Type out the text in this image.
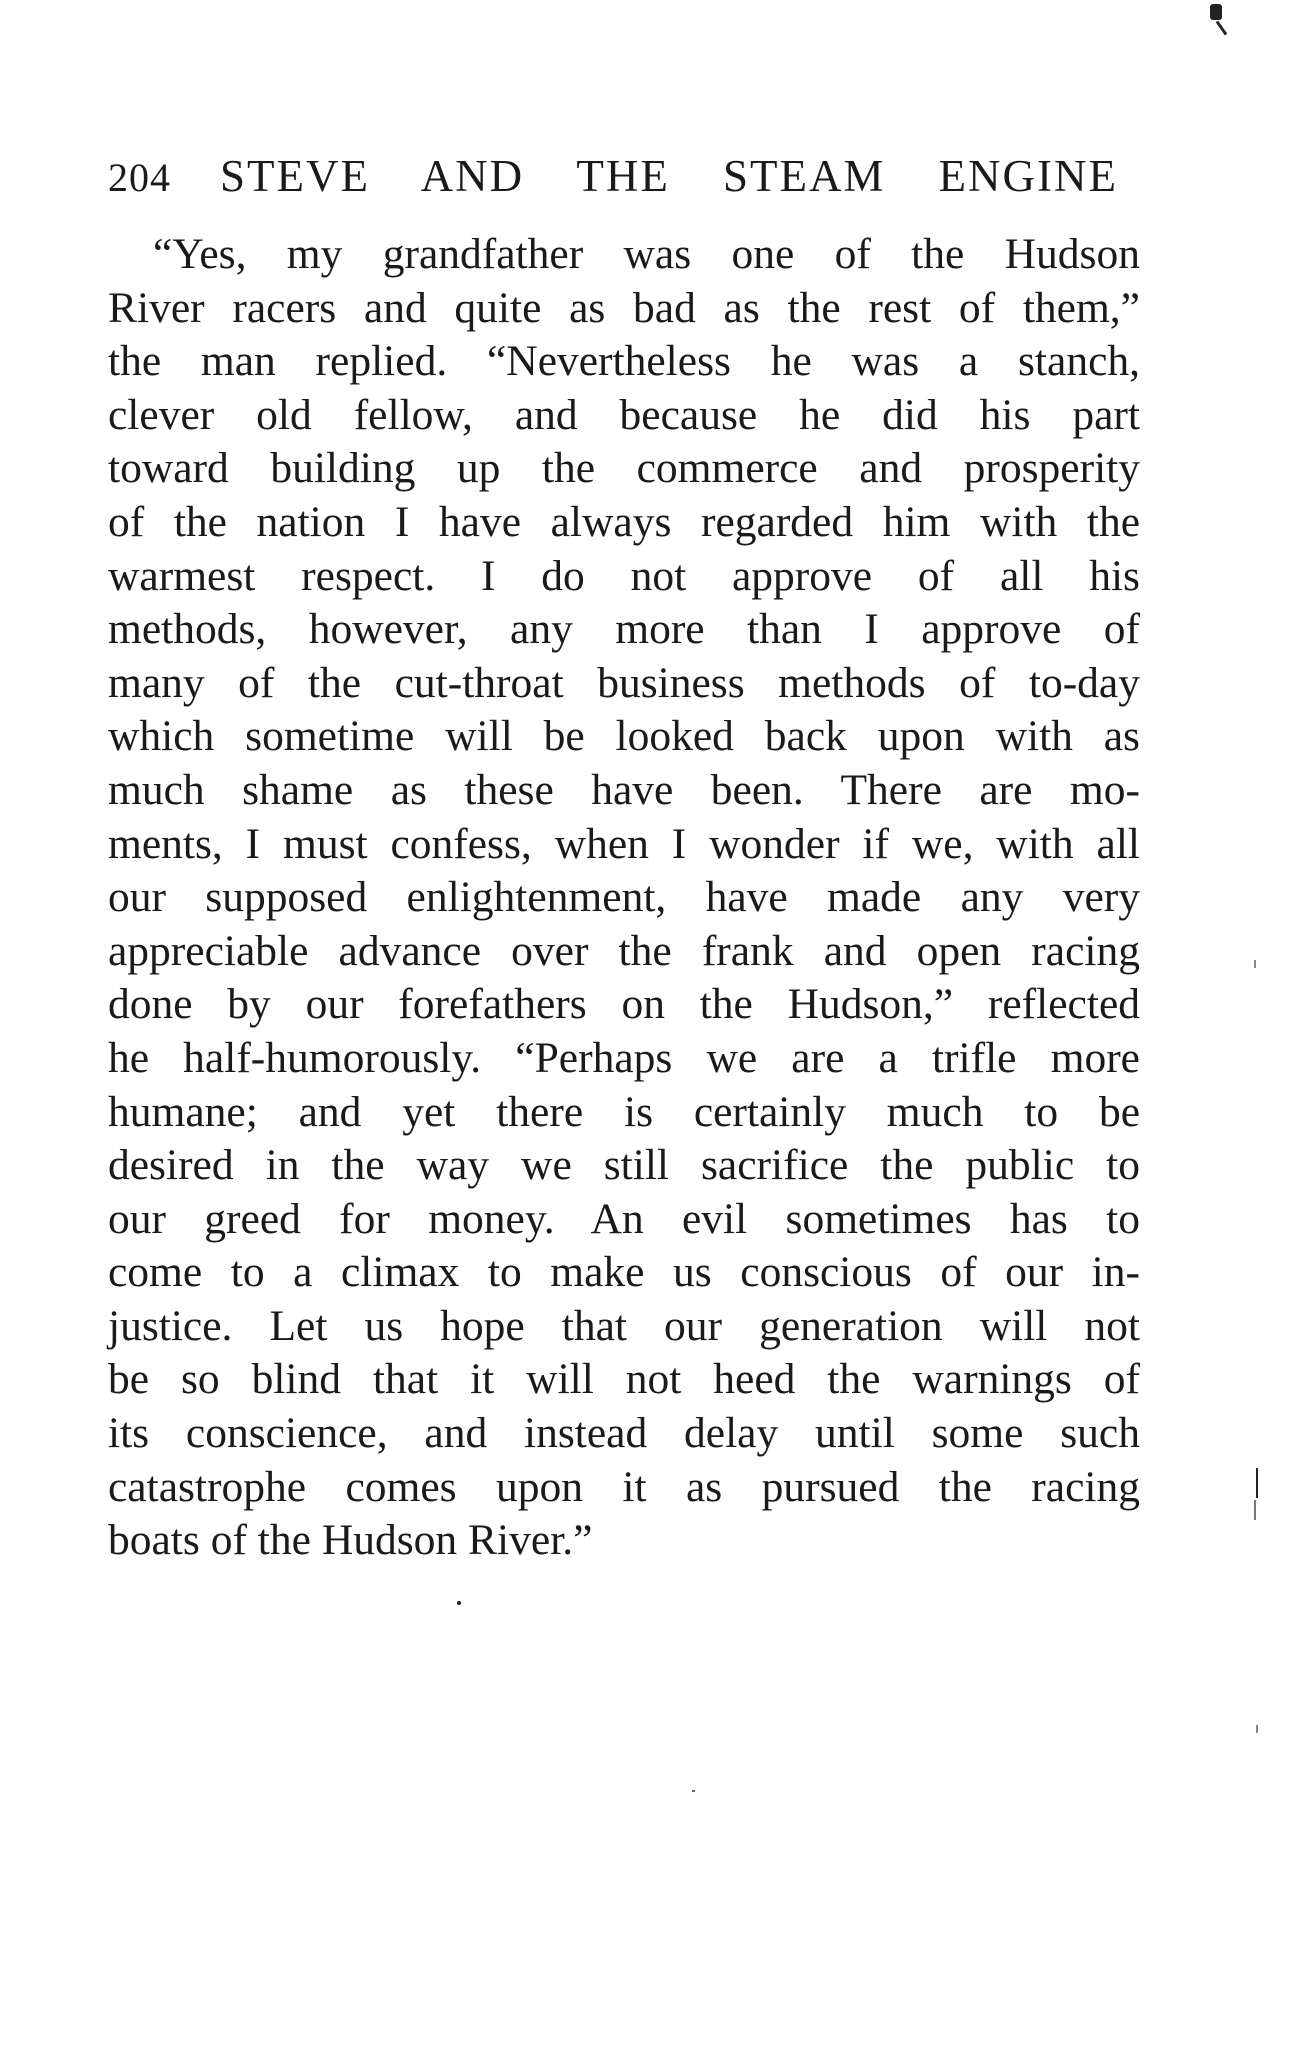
204	STEVE AND THE STEAM ENGINE
“Yes, my grandfather was one of the Hudson
River racers and quite as bad as the rest of them,”
the man replied. “Nevertheless he was a stanch,
clever old fellow, and because he did his part
toward building up the commerce and prosperity
of the nation I have always regarded him with the
warmest respect. I do not approve of all his
methods, however, any more than I approve of
many of the cut-throat business methods of to-day
which sometime will be looked back upon with as
much shame as these have been. There are mo-
ments, I must confess, when I wonder if we, with all
our supposed enlightenment, have made any very
appreciable advance over the frank and open racing
done by our forefathers on the Hudson,” reflected
he half-humorously. “Perhaps we are a trifle more
humane; and yet there is certainly much to be
desired in the way we still sacrifice the public to
our greed for money. An evil sometimes has to
come to a climax to make us conscious of our in-
justice. Let us hope that our generation will not
be so blind that it will not heed the warnings of
its conscience, and instead delay until some such
catastrophe comes upon it as pursued the racing
boats of the Hudson River.”
